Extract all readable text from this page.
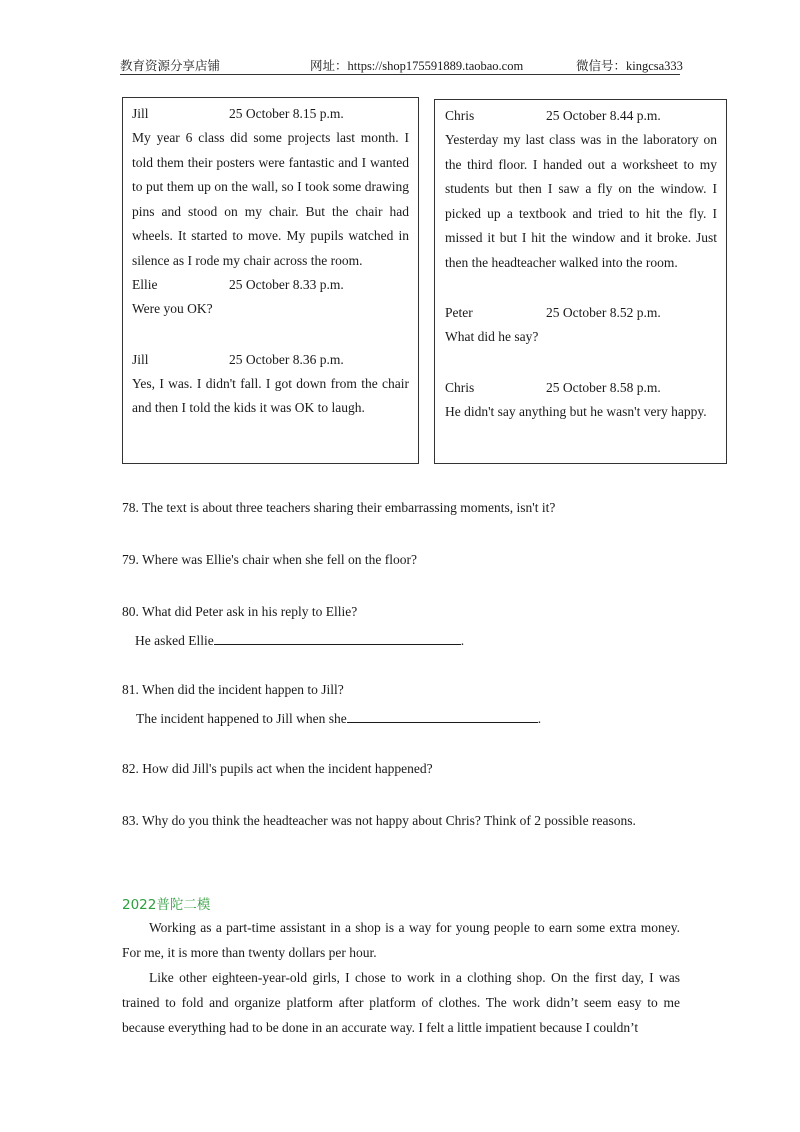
教育资源分享店铺	网址：https://shop175591889.taobao.com	微信号：kingcsa333
Jill	25 October 8.15 p.m.

My year 6 class did some projects last month. I told them their posters were fantastic and I wanted to put them up on the wall, so I took some drawing pins and stood on my chair. But the chair had wheels. It started to move. My pupils watched in silence as I rode my chair across the room.

Ellie	25 October 8.33 p.m.

Were you OK?

Jill	25 October 8.36 p.m.

Yes, I was. I didn't fall. I got down from the chair and then I told the kids it was OK to laugh.

Chris	25 October 8.44 p.m.

Yesterday my last class was in the laboratory on the third floor. I handed out a worksheet to my students but then I saw a fly on the window. I picked up a textbook and tried to hit the fly. I missed it but I hit the window and it broke. Just then the headteacher walked into the room.

Peter	25 October 8.52 p.m.

What did he say?

Chris	25 October 8.58 p.m.

He didn't say anything but he wasn't very happy.

78. The text is about three teachers sharing their embarrassing moments, isn't it?
79. Where was Ellie's chair when she fell on the floor?
80. What did Peter ask in his reply to Ellie?
He asked Ellie	.
81. When did the incident happen to Jill?
The incident happened to Jill when she	.
82. How did Jill's pupils act when the incident happened?
83. Why do you think the headteacher was not happy about Chris? Think of 2 possible reasons.
2022普陀二模

Working as a part-time assistant in a shop is a way for young people to earn some extra money. For me, it is more than twenty dollars per hour.

Like other eighteen-year-old girls, I chose to work in a clothing shop. On the first day, I was trained to fold and organize platform after platform of clothes. The work didn’t seem easy to me because everything had to be done in an accurate way. I felt a little impatient because I couldn’t
